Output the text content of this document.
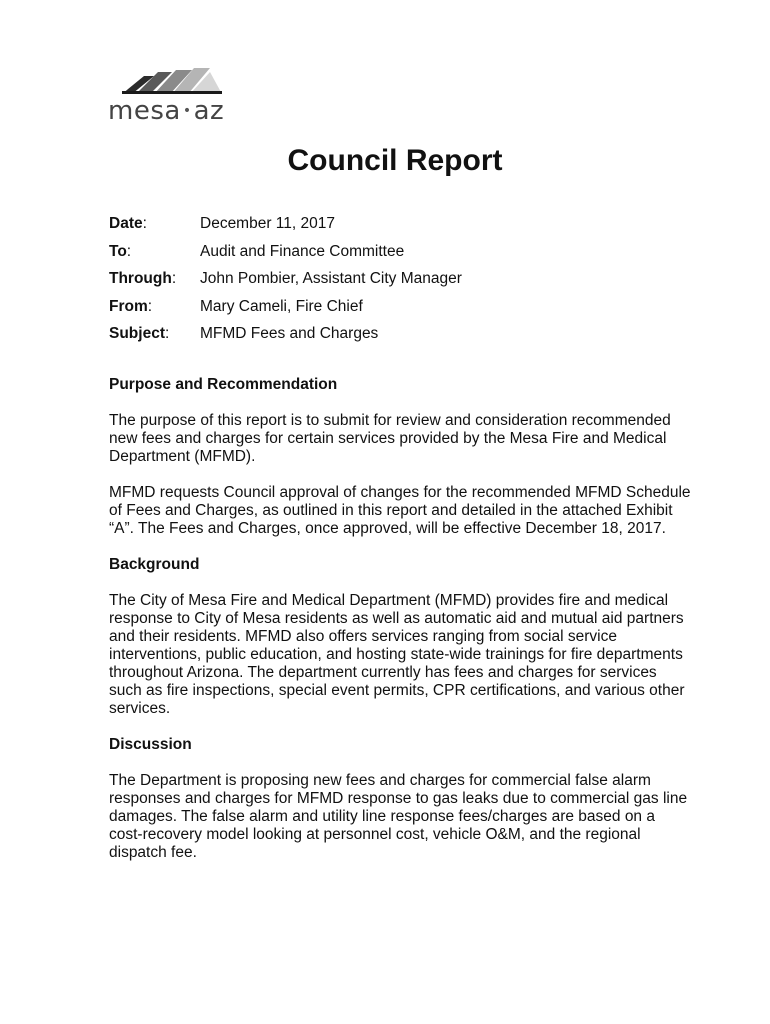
mesa •az
Council Report
Date:	December 11, 2017
To:	Audit and Finance Committee
Through: John Pombier, Assistant City Manager
From:	Mary Cameli, Fire Chief
Subject: MFMD Fees and Charges
Purpose and Recommendation
The purpose of this report is to submit for review and consideration recommended
new fees and charges for certain services provided by the Mesa Fire and Medical
Department (MFMD).
MFMD requests Council approval of changes for the recommended MFMD Schedule
of Fees and Charges, as outlined in this report and detailed in the attached Exhibit
“A”. The Fees and Charges, once approved, will be effective December 18, 2017.
Background
The City of Mesa Fire and Medical Department (MFMD) provides fire and medical
response to City of Mesa residents as well as automatic aid and mutual aid partners
and their residents. MFMD also offers services ranging from social service
interventions, public education, and hosting state-wide trainings for fire departments
throughout Arizona. The department currently has fees and charges for services
such as fire inspections, special event permits, CPR certifications, and various other
services.
Discussion
The Department is proposing new fees and charges for commercial false alarm
responses and charges for MFMD response to gas leaks due to commercial gas line
damages. The false alarm and utility line response fees/charges are based on a
cost-recovery model looking at personnel cost, vehicle O&M, and the regional
dispatch fee.
